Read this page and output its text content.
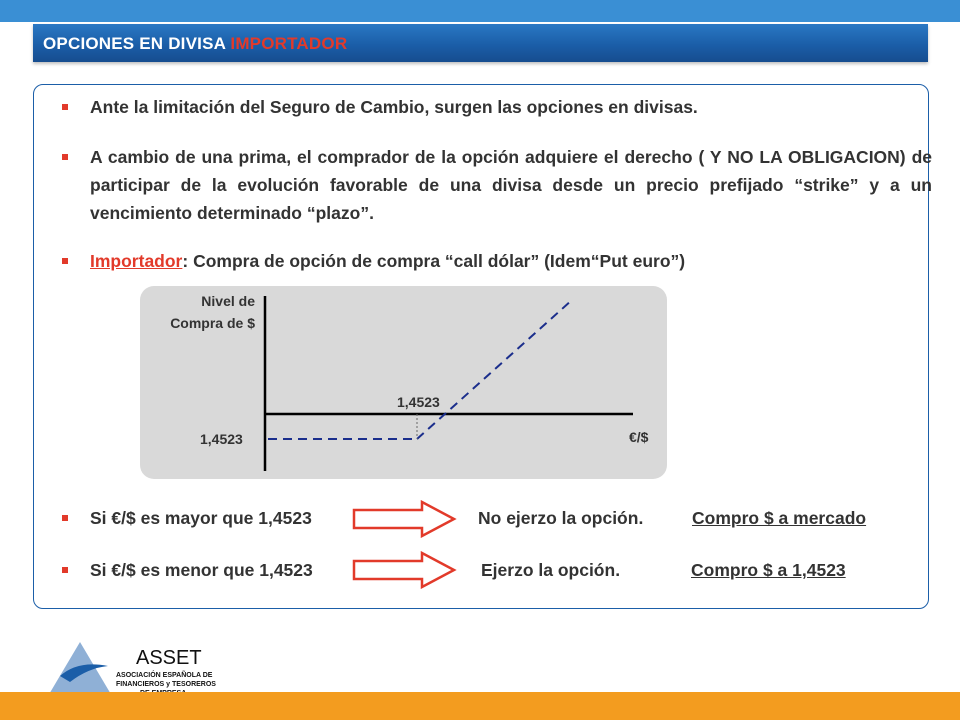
OPCIONES EN DIVISA IMPORTADOR
Ante la limitación del Seguro de Cambio, surgen las opciones en divisas.
A cambio de una prima, el comprador de la opción adquiere el derecho ( Y NO LA OBLIGACION) de participar de la evolución favorable de una divisa desde un precio prefijado “strike” y a un vencimiento determinado “plazo”.
Importador: Compra de opción de compra “call dólar” (Idem“Put euro”)
Nivel de
Compra de $
1,4523
1,4523	€/$
Si €/$ es mayor que 1,4523	No ejerzo la opción.	Compro $ a mercado
Si €/$ es menor que 1,4523	Ejerzo la opción.	Compro $ a 1,4523
ASSET
ASOCIACIÓN ESPAÑOLA DE
FINANCIEROS y TESOREROS
